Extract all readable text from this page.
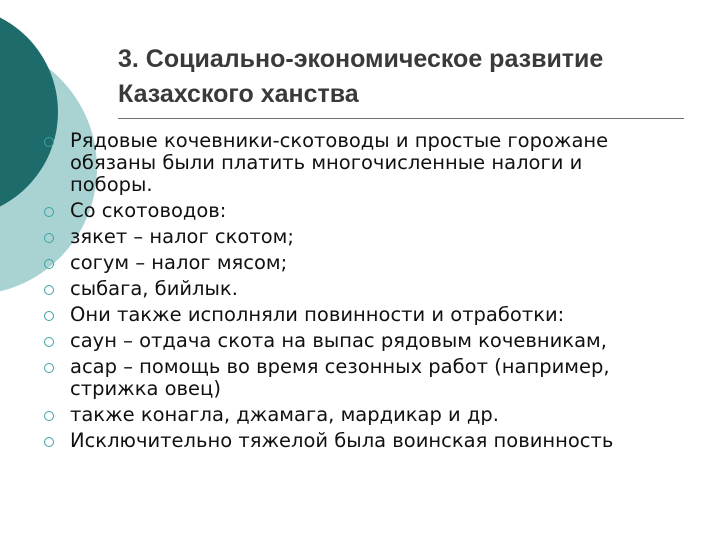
3. Социально-экономическое развитие
Казахского ханства
Рядовые кочевники-скотоводы и простые горожане обязаны были платить многочисленные налоги и поборы.
Со скотоводов:
зякет – налог скотом;
согум – налог мясом;
сыбага, бийлык.
Они также исполняли повинности и отработки:
саун – отдача скота на выпас рядовым кочевникам,
асар – помощь во время сезонных работ (например, стрижка овец)
также конагла, джамага, мардикар и др.
Исключительно тяжелой была воинская повинность
